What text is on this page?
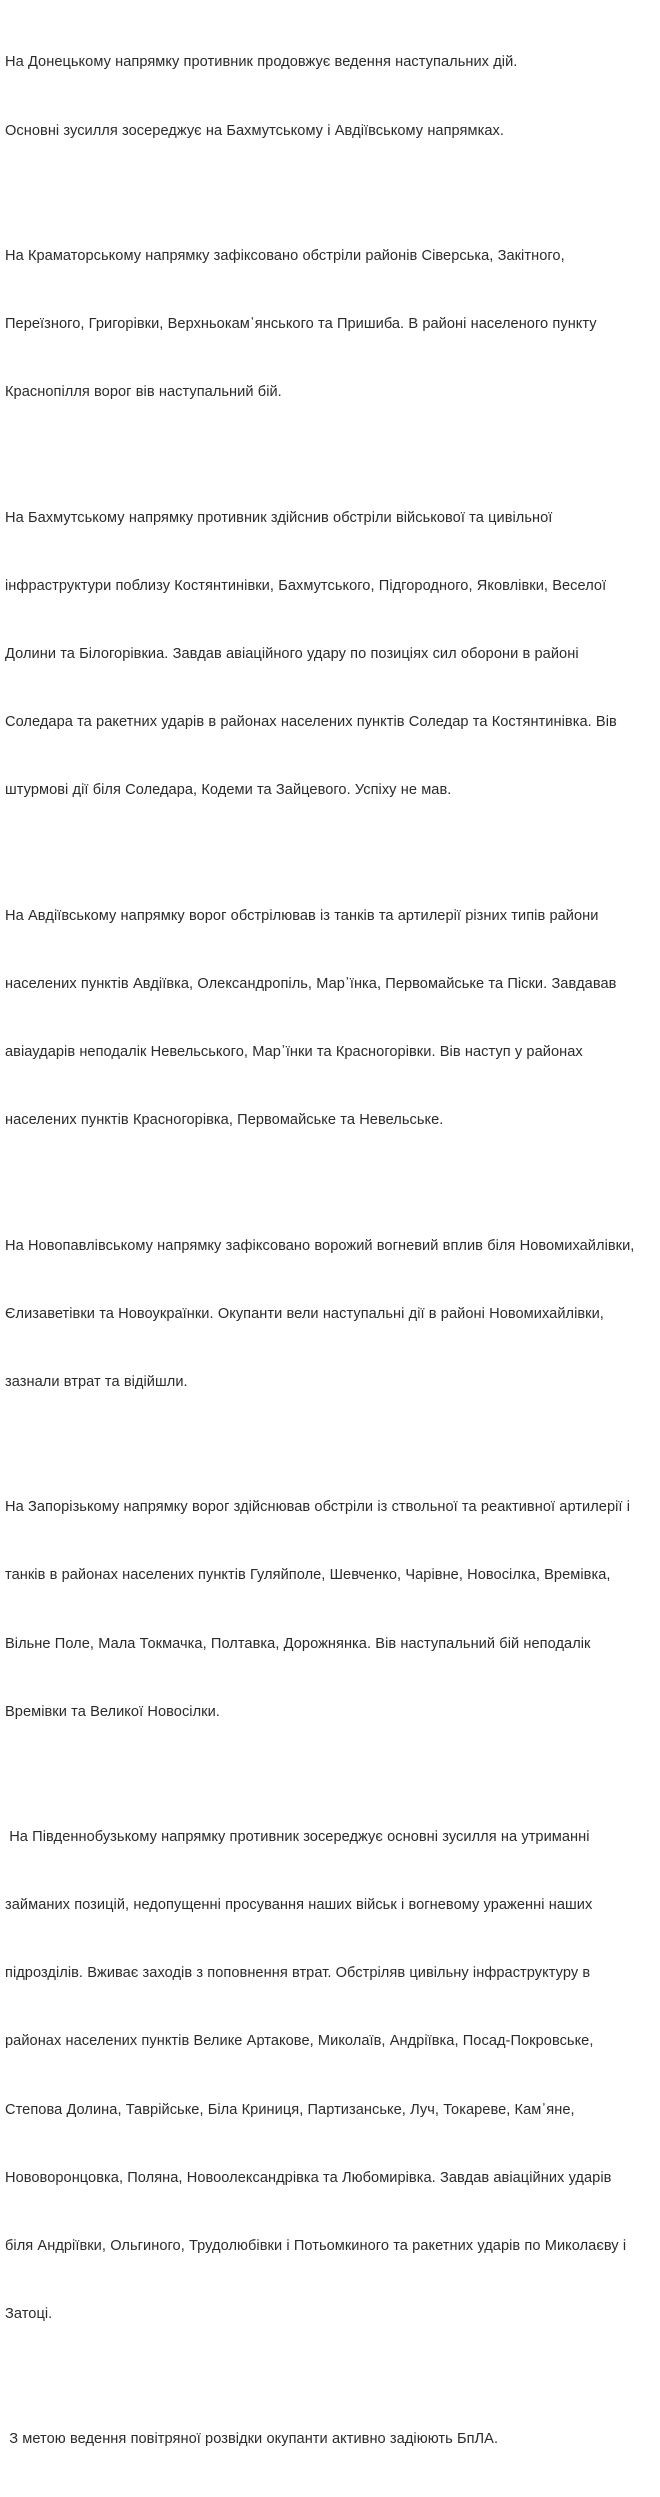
На Донецькому напрямку противник продовжує ведення наступальних дій.

Основні зусилля зосереджує на Бахмутському і Авдіївському напрямках.

На Краматорському напрямку зафіксовано обстріли районів Сіверська, Закітного,

Переїзного, Григорівки, Верхньокам᾽янського та Пришиба. В районі населеного пункту

Краснопілля ворог вів наступальний бій.

На Бахмутському напрямку противник здійснив обстріли військової та цивільної

інфраструктури поблизу Костянтинівки, Бахмутського, Підгородного, Яковлівки, Веселої

Долини та Білогорівкиа. Завдав авіаційного удару по позиціях сил оборони в районі

Соледара та ракетних ударів в районах населених пунктів Соледар та Костянтинівка. Вів

штурмові дії біля Соледара, Кодеми та Зайцевого. Успіху не мав.

На Авдіївському напрямку ворог обстрілював із танків та артилерії різних типів райони

населених пунктів Авдіївка, Олександропіль, Мар᾽їнка, Первомайське та Піски. Завдавав

авіаударів неподалік Невельського, Мар᾽їнки та Красногорівки. Вів наступ у районах

населених пунктів Красногорівка, Первомайське та Невельське.

На Новопавлівському напрямку зафіксовано ворожий вогневий вплив біля Новомихайлівки,

Єлизаветівки та Новоукраїнки. Окупанти вели наступальні дії в районі Новомихайлівки,

зазнали втрат та відійшли.

На Запорізькому напрямку ворог здійснював обстріли із ствольної та реактивної артилерії і

танків в районах населених пунктів Гуляйполе, Шевченко, Чарівне, Новосілка, Времівка,

Вільне Поле, Мала Токмачка, Полтавка, Дорожнянка. Вів наступальний бій неподалік

Времівки та Великої Новосілки.

На Південнобузькому напрямку противник зосереджує основні зусилля на утриманні

займаних позицій, недопущенні просування наших військ і вогневому ураженні наших

підрозділів. Вживає заходів з поповнення втрат. Обстріляв цивільну інфраструктуру в

районах населених пунктів Велике Артакове, Миколаїв, Андріївка, Посад-Покровське,

Степова Долина, Таврійське, Біла Криниця, Партизанське, Луч, Токареве, Кам᾽яне,

Нововоронцовка, Поляна, Новоолександрівка та Любомирівка. Завдав авіаційних ударів

біля Андріївки, Ольгиного, Трудолюбівки і Потьомкиного та ракетних ударів по Миколаєву і

Затоці.

З метою ведення повітряної розвідки окупанти активно задіюють БпЛА.
